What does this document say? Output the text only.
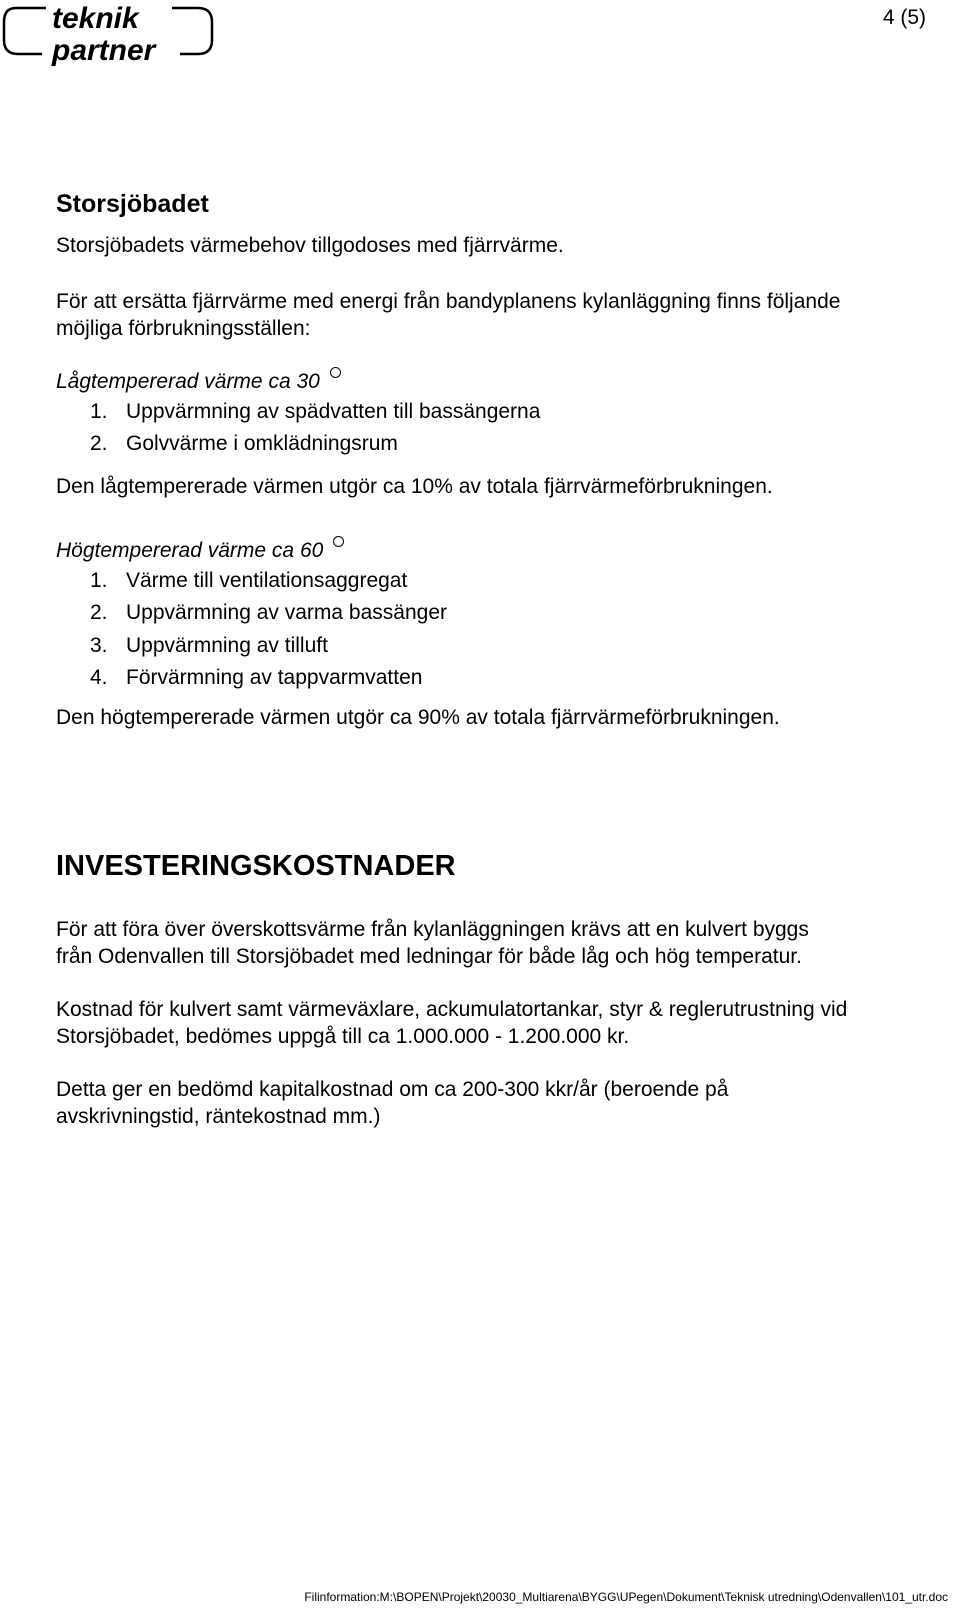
teknik
partner
4 (5)
Storsjöbadet
Storsjöbadets värmebehov tillgodoses med fjärrvärme.
För att ersätta fjärrvärme med energi från bandyplanens kylanläggning finns följande
möjliga förbrukningsställen:
Lågtempererad värme ca 30
1. Uppvärmning av spädvatten till bassängerna
2. Golvvärme i omklädningsrum
Den lågtempererade värmen utgör ca 10% av totala fjärrvärmeförbrukningen.
Högtempererad värme ca 60
1. Värme till ventilationsaggregat
2. Uppvärmning av varma bassänger
3. Uppvärmning av tilluft
4. Förvärmning av tappvarmvatten
Den högtempererade värmen utgör ca 90% av totala fjärrvärmeförbrukningen.
INVESTERINGSKOSTNADER
För att föra över överskottsvärme från kylanläggningen krävs att en kulvert byggs
från Odenvallen till Storsjöbadet med ledningar för både låg och hög temperatur.
Kostnad för kulvert samt värmeväxlare, ackumulatortankar, styr & reglerutrustning vid
Storsjöbadet, bedömes uppgå till ca 1.000.000 - 1.200.000 kr.
Detta ger en bedömd kapitalkostnad om ca 200-300 kkr/år (beroende på
avskrivningstid, räntekostnad mm.)
Filinformation:M:\BOPEN\Projekt\20030_Multiarena\BYGG\UPegen\Dokument\Teknisk utredning\Odenvallen\101_utr.doc
